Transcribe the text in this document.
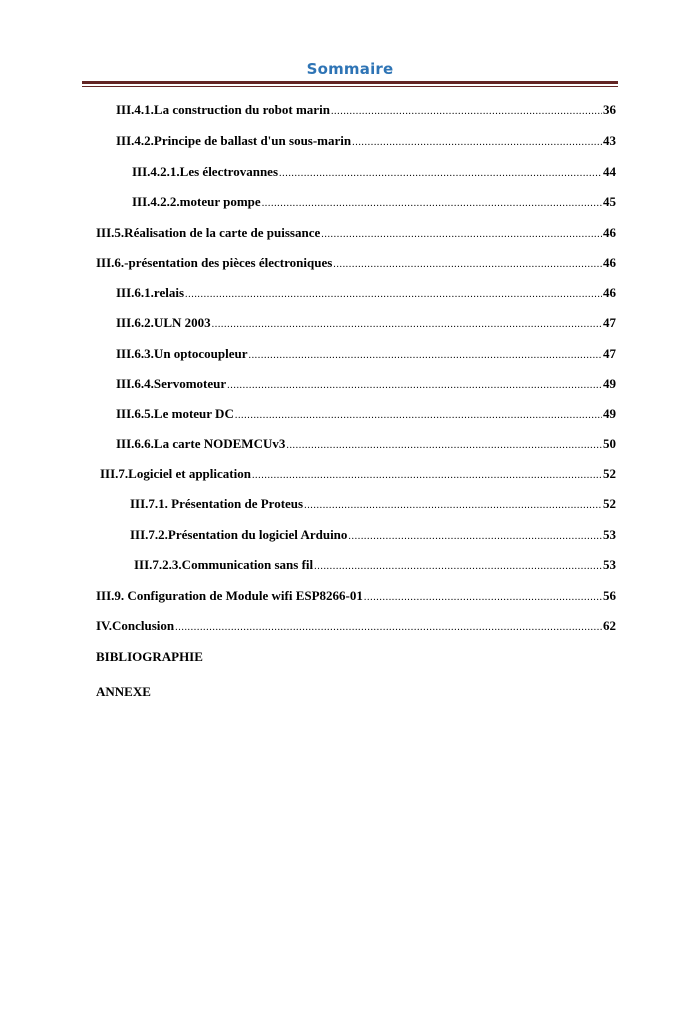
Sommaire
III.4.1.La construction du robot marin .....	36
III.4.2.Principe de ballast d'un sous-marin .....	43
III.4.2.1.Les électrovannes .....	44
III.4.2.2.moteur pompe .....	45
III.5.Réalisation de la carte de puissance .....	46
III.6.-présentation des pièces électroniques .....	46
III.6.1.relais .....	46
III.6.2.ULN 2003 .....	47
III.6.3.Un optocoupleur .....	47
III.6.4.Servomoteur .....	49
III.6.5.Le moteur DC .....	49
III.6.6.La carte NODEMCUv3 .....	50
III.7.Logiciel et application .....	52
III.7.1. Présentation de Proteus .....	52
III.7.2.Présentation du logiciel Arduino .....	53
III.7.2.3.Communication sans fil .....	53
III.9. Configuration de Module wifi ESP8266-01 .....	56
IV.Conclusion .....	62
BIBLIOGRAPHIE
ANNEXE
